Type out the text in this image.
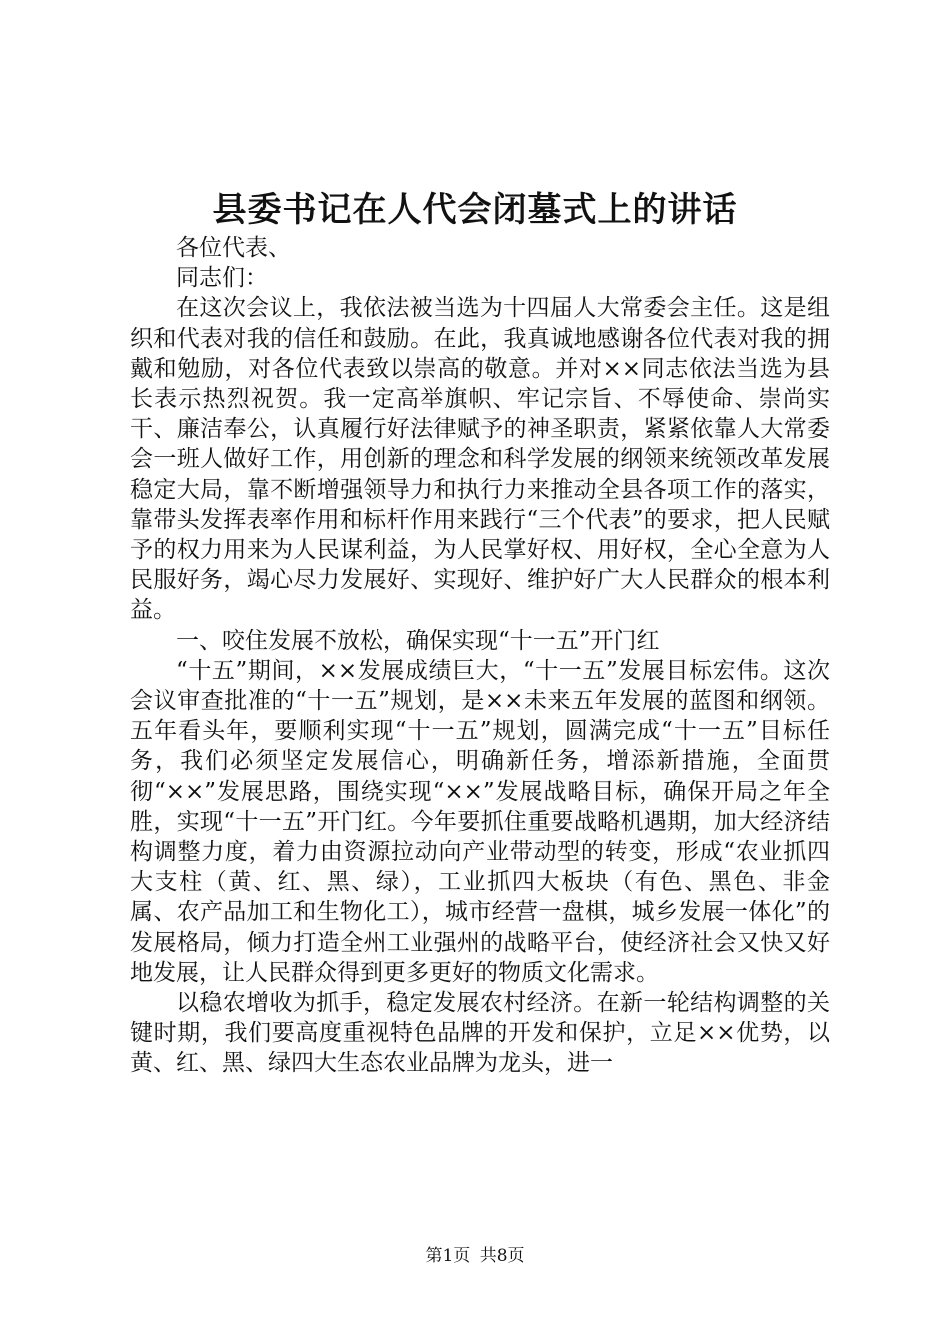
县委书记在人代会闭墓式上的讲话

各位代表、

同志们：

在这次会议上，我依法被当选为十四届人大常委会主任。这是组织和代表对我的信任和鼓励。在此，我真诚地感谢各位代表对我的拥戴和勉励，对各位代表致以崇高的敬意。并对××同志依法当选为县长表示热烈祝贺。我一定高举旗帜、牢记宗旨、不辱使命、崇尚实干、廉洁奉公，认真履行好法律赋予的神圣职责，紧紧依靠人大常委会一班人做好工作，用创新的理念和科学发展的纲领来统领改革发展稳定大局，靠不断增强领导力和执行力来推动全县各项工作的落实，靠带头发挥表率作用和标杆作用来践行“三个代表”的要求，把人民赋予的权力用来为人民谋利益，为人民掌好权、用好权，全心全意为人民服好务，竭心尽力发展好、实现好、维护好广大人民群众的根本利益。

一、咬住发展不放松，确保实现“十一五”开门红

“十五”期间，××发展成绩巨大，“十一五”发展目标宏伟。这次会议审查批准的“十一五”规划，是××未来五年发展的蓝图和纲领。五年看头年，要顺利实现“十一五”规划，圆满完成“十一五”目标任务，我们必须坚定发展信心，明确新任务，增添新措施，全面贯彻“××”发展思路，围绕实现“××”发展战略目标，确保开局之年全胜，实现“十一五”开门红。今年要抓住重要战略机遇期，加大经济结构调整力度，着力由资源拉动向产业带动型的转变，形成“农业抓四大支柱（黄、红、黑、绿），工业抓四大板块（有色、黑色、非金属、农产品加工和生物化工），城市经营一盘棋，城乡发展一体化”的发展格局，倾力打造全州工业强州的战略平台，使经济社会又快又好地发展，让人民群众得到更多更好的物质文化需求。

以稳农增收为抓手，稳定发展农村经济。在新一轮结构调整的关键时期，我们要高度重视特色品牌的开发和保护，立足××优势，以黄、红、黑、绿四大生态农业品牌为龙头，进一

第1页 共8页
